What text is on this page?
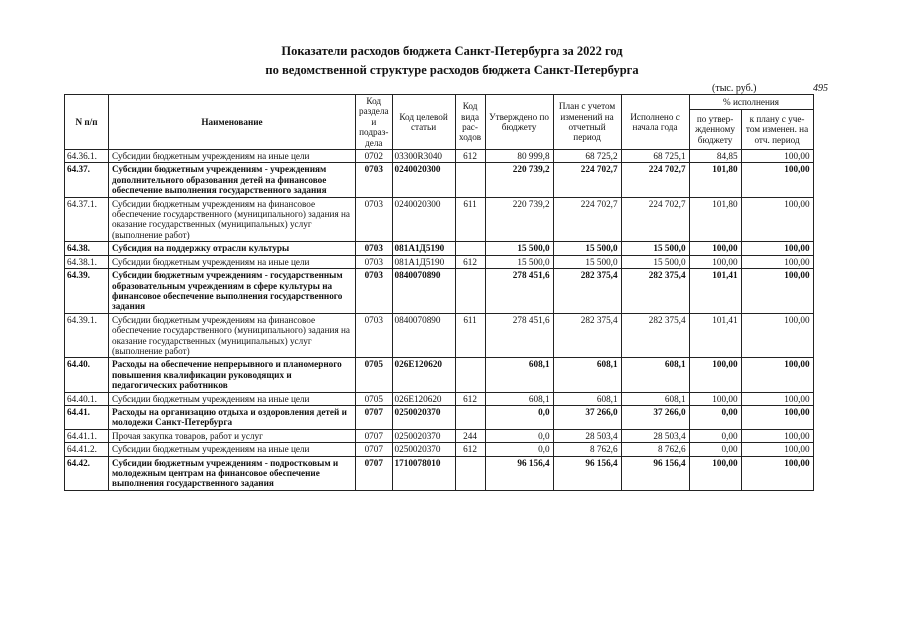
Показатели расходов бюджета Санкт-Петербурга за 2022 год
по ведомственной структуре расходов бюджета Санкт-Петербурга
(тыс. руб.)	495
N п/п	Наименование	Код раздела и подраз-дела	Код целевой статьи	Код вида рас-ходов	Утверждено по бюджету	План с учетом изменений на отчетный период	Исполнено с начала года	% исполнения	
								по утвер-жденному бюджету	к плану с уче-том изменен. на отч. период
64.36.1.	Субсидии бюджетным учреждениям на иные цели	0702	03300R3040	612	80 999,8	68 725,2	68 725,1	84,85	100,00
64.37.	Субсидии бюджетным учреждениям - учреждениям дополнительного образования детей на финансовое обеспечение выполнения государственного задания	0703	0240020300		220 739,2	224 702,7	224 702,7	101,80	100,00
64.37.1.	Субсидии бюджетным учреждениям на финансовое обеспечение государственного (муниципального) задания на оказание государственных (муниципальных) услуг (выполнение работ)	0703	0240020300	611	220 739,2	224 702,7	224 702,7	101,80	100,00
64.38.	Субсидия на поддержку отрасли культуры	0703	081A1Д5190		15 500,0	15 500,0	15 500,0	100,00	100,00
64.38.1.	Субсидии бюджетным учреждениям на иные цели	0703	081A1Д5190	612	15 500,0	15 500,0	15 500,0	100,00	100,00
64.39.	Субсидии бюджетным учреждениям - государственным образовательным учреждениям в сфере культуры на финансовое обеспечение выполнения государственного задания	0703	0840070890		278 451,6	282 375,4	282 375,4	101,41	100,00
64.39.1.	Субсидии бюджетным учреждениям на финансовое обеспечение государственного (муниципального) задания на оказание государственных (муниципальных) услуг (выполнение работ)	0703	0840070890	611	278 451,6	282 375,4	282 375,4	101,41	100,00
64.40.	Расходы на обеспечение непрерывного и планомерного повышения квалификации руководящих и педагогических работников	0705	026E120620		608,1	608,1	608,1	100,00	100,00
64.40.1.	Субсидии бюджетным учреждениям на иные цели	0705	026E120620	612	608,1	608,1	608,1	100,00	100,00
64.41.	Расходы на организацию отдыха и оздоровления детей и молодежи Санкт-Петербурга	0707	0250020370		0,0	37 266,0	37 266,0	0,00	100,00
64.41.1.	Прочая закупка товаров, работ и услуг	0707	0250020370	244	0,0	28 503,4	28 503,4	0,00	100,00
64.41.2.	Субсидии бюджетным учреждениям на иные цели	0707	0250020370	612	0,0	8 762,6	8 762,6	0,00	100,00
64.42.	Субсидии бюджетным учреждениям - подростковым и молодежным центрам на финансовое обеспечение выполнения государственного задания	0707	1710078010		96 156,4	96 156,4	96 156,4	100,00	100,00
